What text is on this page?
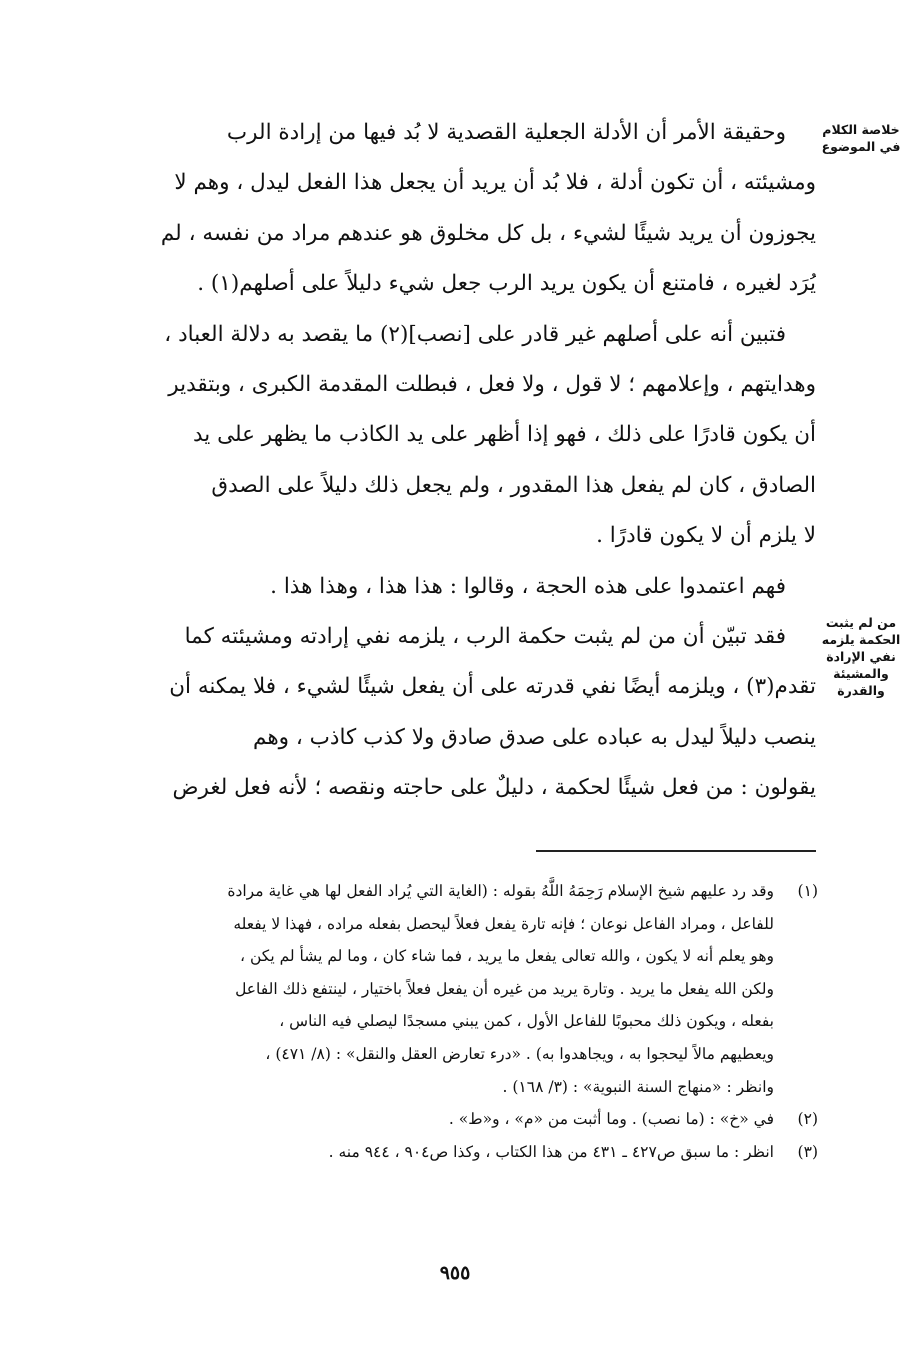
خلاصة الكلام في الموضوع
من لم يثبت الحكمة يلزمه نفي الإرادة والمشيئة والقدرة
وحقيقة الأمر أن الأدلة الجعلية القصدية لا بُد فيها من إرادة الرب
ومشيئته ، أن تكون أدلة ، فلا بُد أن يريد أن يجعل هذا الفعل ليدل ، وهم لا
يجوزون أن يريد شيئًا لشيء ، بل كل مخلوق هو عندهم مراد من نفسه ، لم
يُرَد لغيره ، فامتنع أن يكون يريد الرب جعل شيء دليلاً على أصلهم(١) .
فتبين أنه على أصلهم غير قادر على [نصب](٢) ما يقصد به دلالة العباد ،
وهدايتهم ، وإعلامهم ؛ لا قول ، ولا فعل ، فبطلت المقدمة الكبرى ، وبتقدير
أن يكون قادرًا على ذلك ، فهو إذا أظهر على يد الكاذب ما يظهر على يد
الصادق ، كان لم يفعل هذا المقدور ، ولم يجعل ذلك دليلاً على الصدق
لا يلزم أن لا يكون قادرًا .
فهم اعتمدوا على هذه الحجة ، وقالوا : هذا هذا ، وهذا هذا .
فقد تبيّن أن من لم يثبت حكمة الرب ، يلزمه نفي إرادته ومشيئته كما
تقدم(٣) ، ويلزمه أيضًا نفي قدرته على أن يفعل شيئًا لشيء ، فلا يمكنه أن
ينصب دليلاً ليدل به عباده على صدق صادق ولا كذب كاذب ، وهم
يقولون : من فعل شيئًا لحكمة ، دليلٌ على حاجته ونقصه ؛ لأنه فعل لغرض
(١)
وقد رد عليهم شيخ الإسلام رَحِمَهُ اللَّهُ بقوله : (الغاية التي يُراد الفعل لها هي غاية مرادة
للفاعل ، ومراد الفاعل نوعان ؛ فإنه تارة يفعل فعلاً ليحصل بفعله مراده ، فهذا لا يفعله
وهو يعلم أنه لا يكون ، والله تعالى يفعل ما يريد ، فما شاء كان ، وما لم يشأ لم يكن ،
ولكن الله يفعل ما يريد . وتارة يريد من غيره أن يفعل فعلاً باختيار ، لينتفع ذلك الفاعل
بفعله ، ويكون ذلك محبوبًا للفاعل الأول ، كمن يبني مسجدًا ليصلي فيه الناس ،
ويعطيهم مالاً ليحجوا به ، ويجاهدوا به) . «درء تعارض العقل والنقل» : (٨/ ٤٧١) ،
وانظر : «منهاج السنة النبوية» : (٣/ ١٦٨) .
(٢)
في «خ» : (ما نصب) . وما أثبت من «م» ، و«ط» .
(٣)
انظر : ما سبق ص٤٢٧ ـ ٤٣١ من هذا الكتاب ، وكذا ص٩٠٤ ، ٩٤٤ منه .
٩٥٥
